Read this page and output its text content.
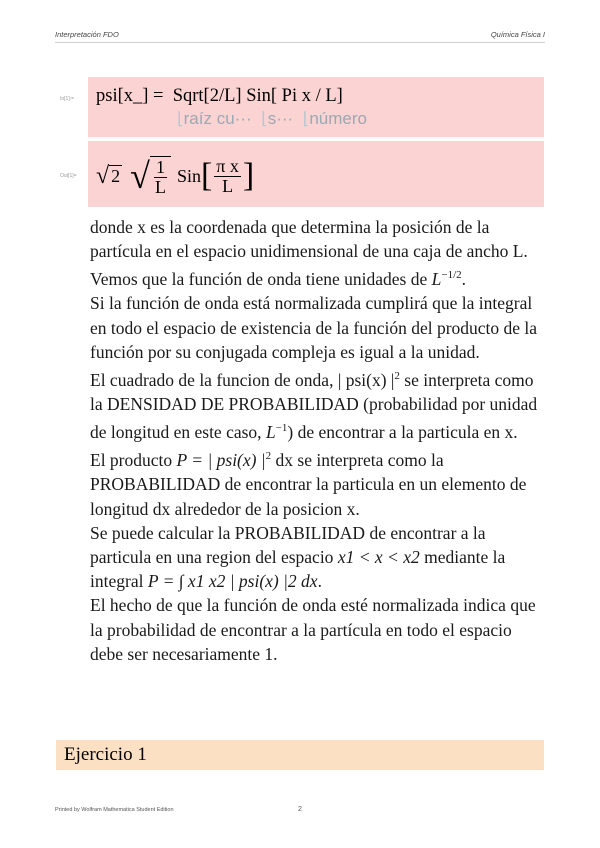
Interpretación FDO	Química Física I
In[1]:= psi[x_] =  Sqrt[2/L] Sin[ Pi x / L]
⌊raíz cu···  ⌊s···  ⌊número
Out[1]= √ 2 √ $\frac{1}{L}$ Sin [ $\frac{\text{π x}}{L}$ ]

donde x es la coordenada que determina la posición de la partícula en el espacio unidimensional de una caja de ancho L.

Vemos que la función de onda tiene unidades de $L^{-1/2}$.

Si la función de onda está normalizada cumplirá que la integral en todo el espacio de existencia de la función del producto de la función por su conjugada compleja es igual a la unidad.

El cuadrado de la funcion de onda, | psi(x) $|^2$ se interpreta como la DENSIDAD DE PROBABILIDAD (probabilidad por unidad de longitud en este caso, $L^{-1}$) de encontrar a la particula en x.

El producto P = | psi(x) $|^2$ dx se interpreta como la PROBABILIDAD de encontrar la particula en un elemento de longitud dx alrededor de la posicion x.

Se puede calcular la PROBABILIDAD de encontrar a la particula en una region del espacio x1 < x < x2 mediante la integral P = ∫ x1 x2 | psi(x) |2 dx.

El hecho de que la función de onda esté normalizada indica que la probabilidad de encontrar a la partícula en todo el espacio debe ser necesariamente 1.

Ejercicio 1
Printed by Wolfram Mathematica Student Edition	2
